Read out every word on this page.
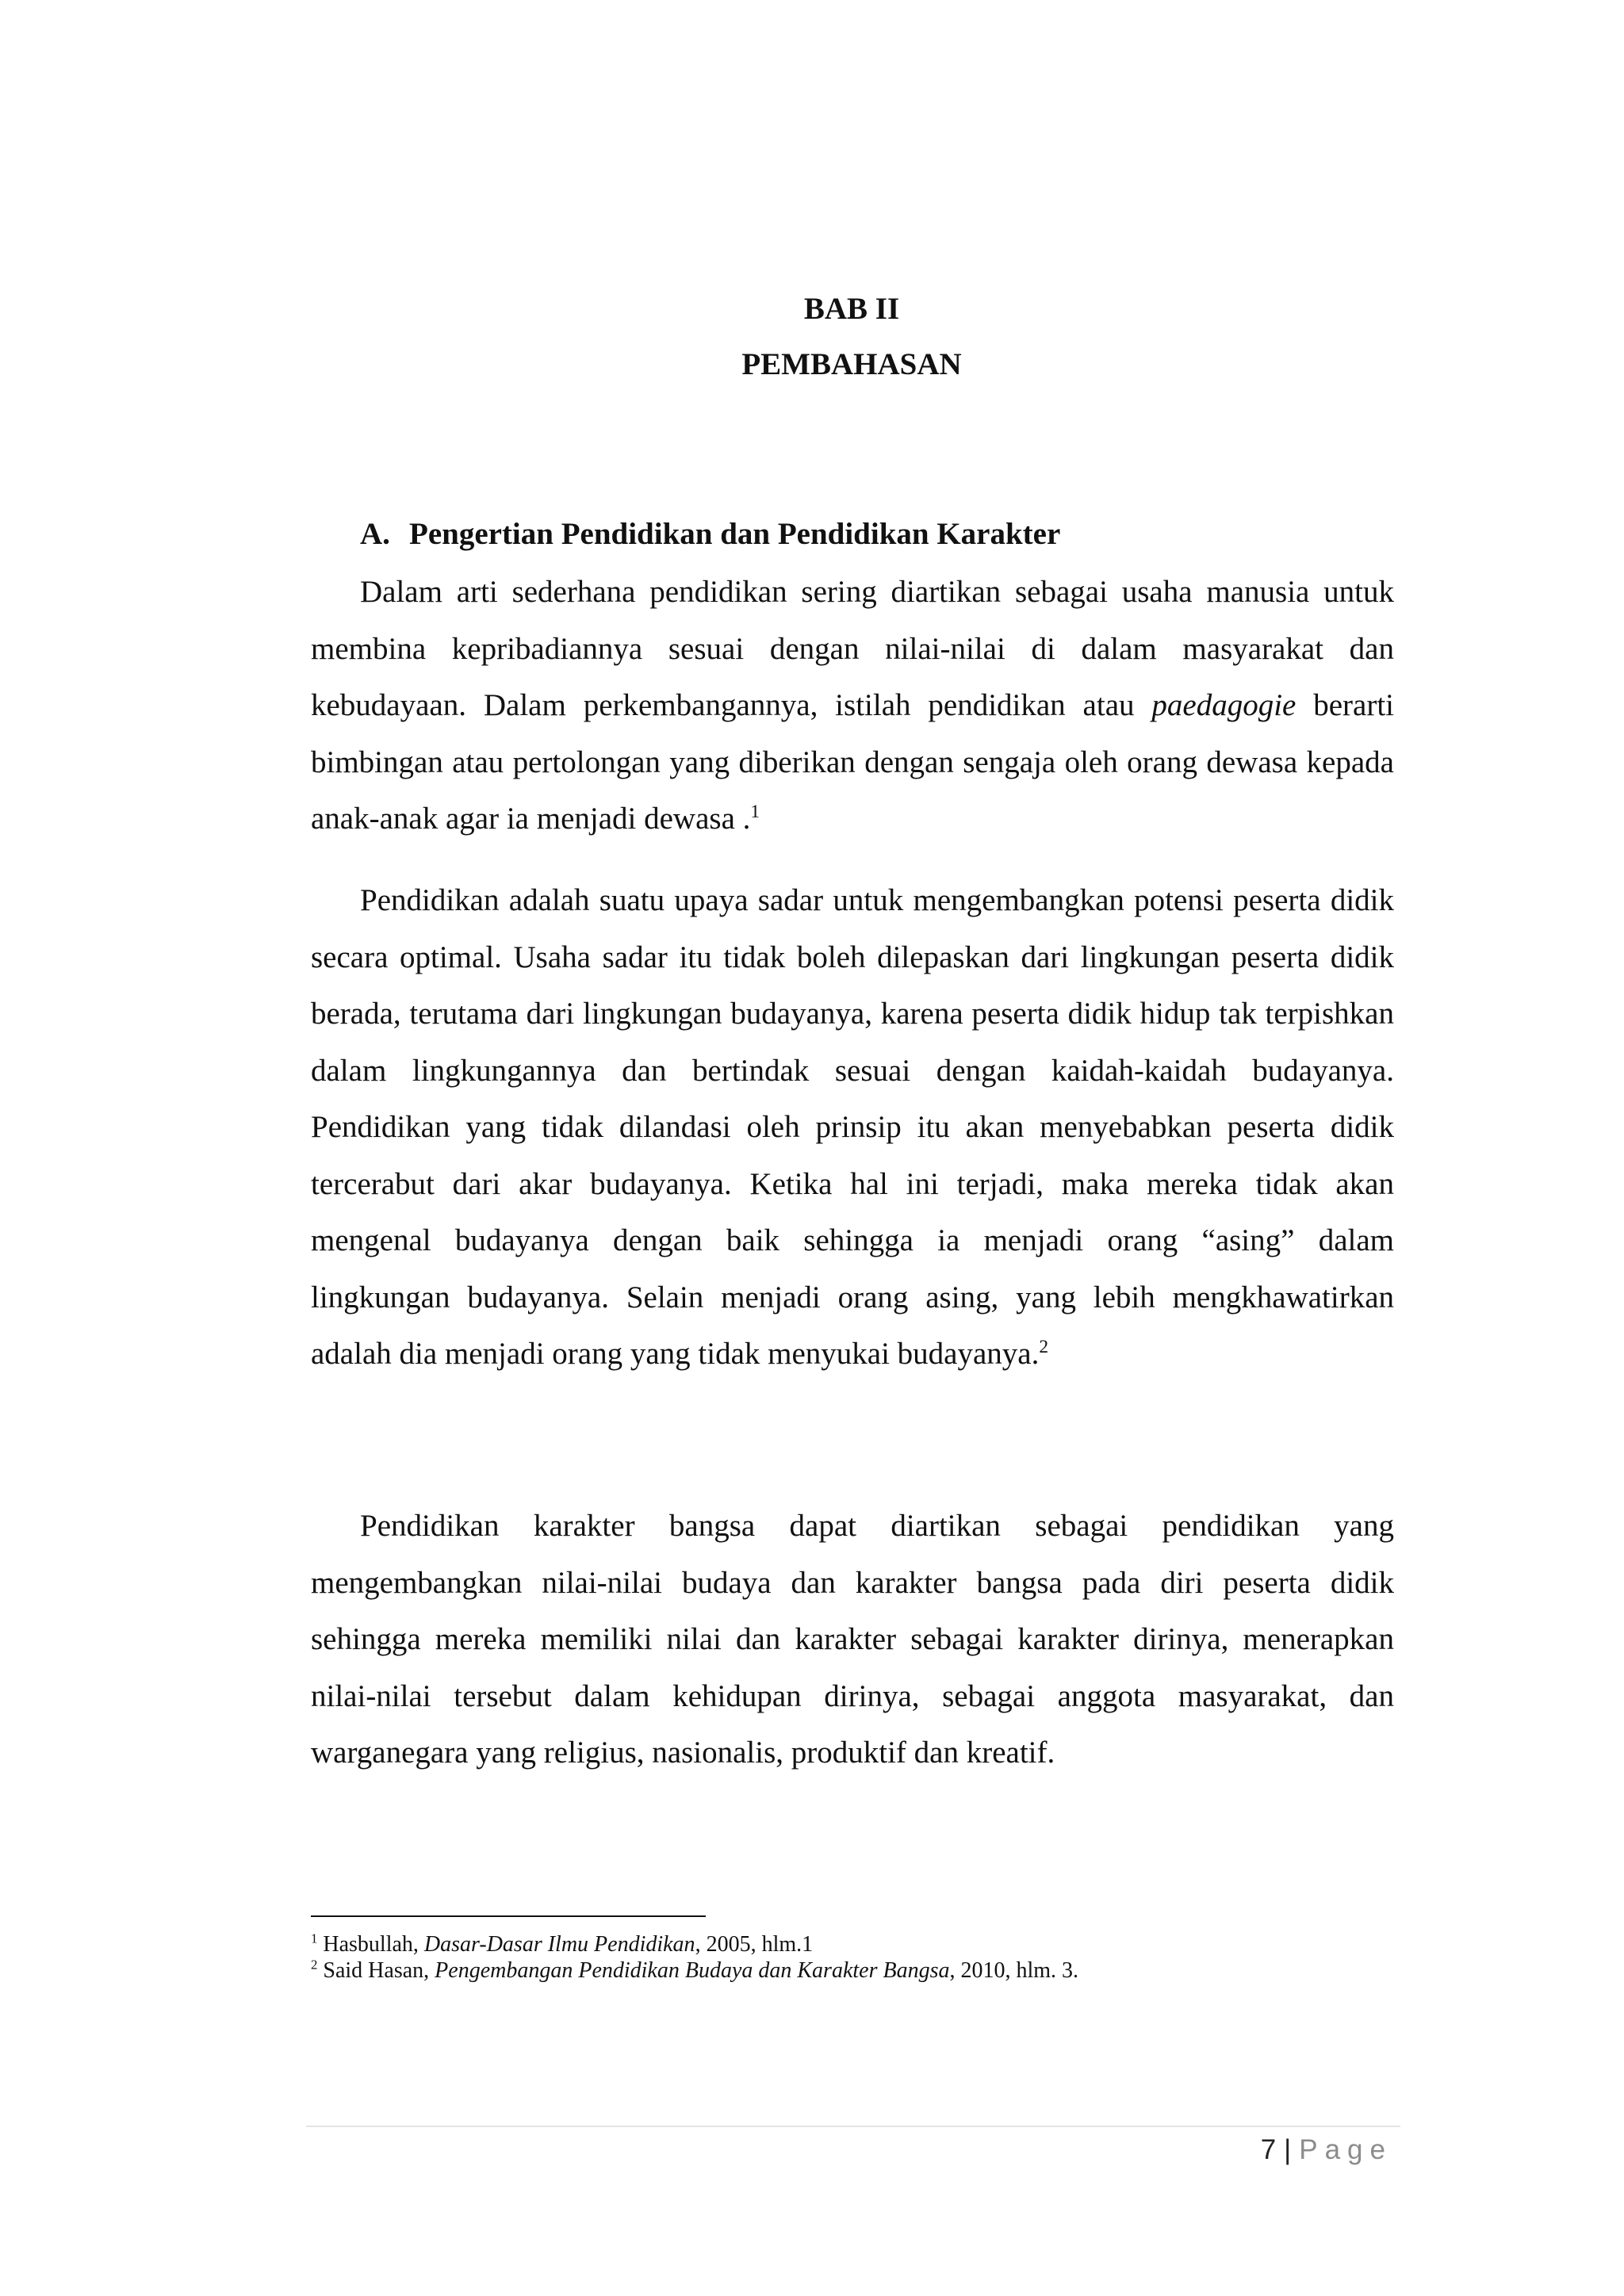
BAB II
PEMBAHASAN
A. Pengertian Pendidikan dan Pendidikan Karakter

Dalam arti sederhana pendidikan sering diartikan sebagai usaha manusia untuk membina kepribadiannya sesuai dengan nilai-nilai di dalam masyarakat dan kebudayaan. Dalam perkembangannya, istilah pendidikan atau paedagogie berarti bimbingan atau pertolongan yang diberikan dengan sengaja oleh orang dewasa kepada anak-anak agar ia menjadi dewasa .$^1$

Pendidikan adalah suatu upaya sadar untuk mengembangkan potensi peserta didik secara optimal. Usaha sadar itu tidak boleh dilepaskan dari lingkungan peserta didik berada, terutama dari lingkungan budayanya, karena peserta didik hidup tak terpishkan dalam lingkungannya dan bertindak sesuai dengan kaidah-kaidah budayanya. Pendidikan yang tidak dilandasi oleh prinsip itu akan menyebabkan peserta didik tercerabut dari akar budayanya. Ketika hal ini terjadi, maka mereka tidak akan mengenal budayanya dengan baik sehingga ia menjadi orang “asing” dalam lingkungan budayanya. Selain menjadi orang asing, yang lebih mengkhawatirkan adalah dia menjadi orang yang tidak menyukai budayanya.$^2$

Pendidikan karakter bangsa dapat diartikan sebagai pendidikan yang mengembangkan nilai-nilai budaya dan karakter bangsa pada diri peserta didik sehingga mereka memiliki nilai dan karakter sebagai karakter dirinya, menerapkan nilai-nilai tersebut dalam kehidupan dirinya, sebagai anggota masyarakat, dan warganegara yang religius, nasionalis, produktif dan kreatif.

$^1$ Hasbullah, Dasar-Dasar Ilmu Pendidikan, 2005, hlm.1

$^2$ Said Hasan, Pengembangan Pendidikan Budaya dan Karakter Bangsa, 2010, hlm. 3.

7 | Page
